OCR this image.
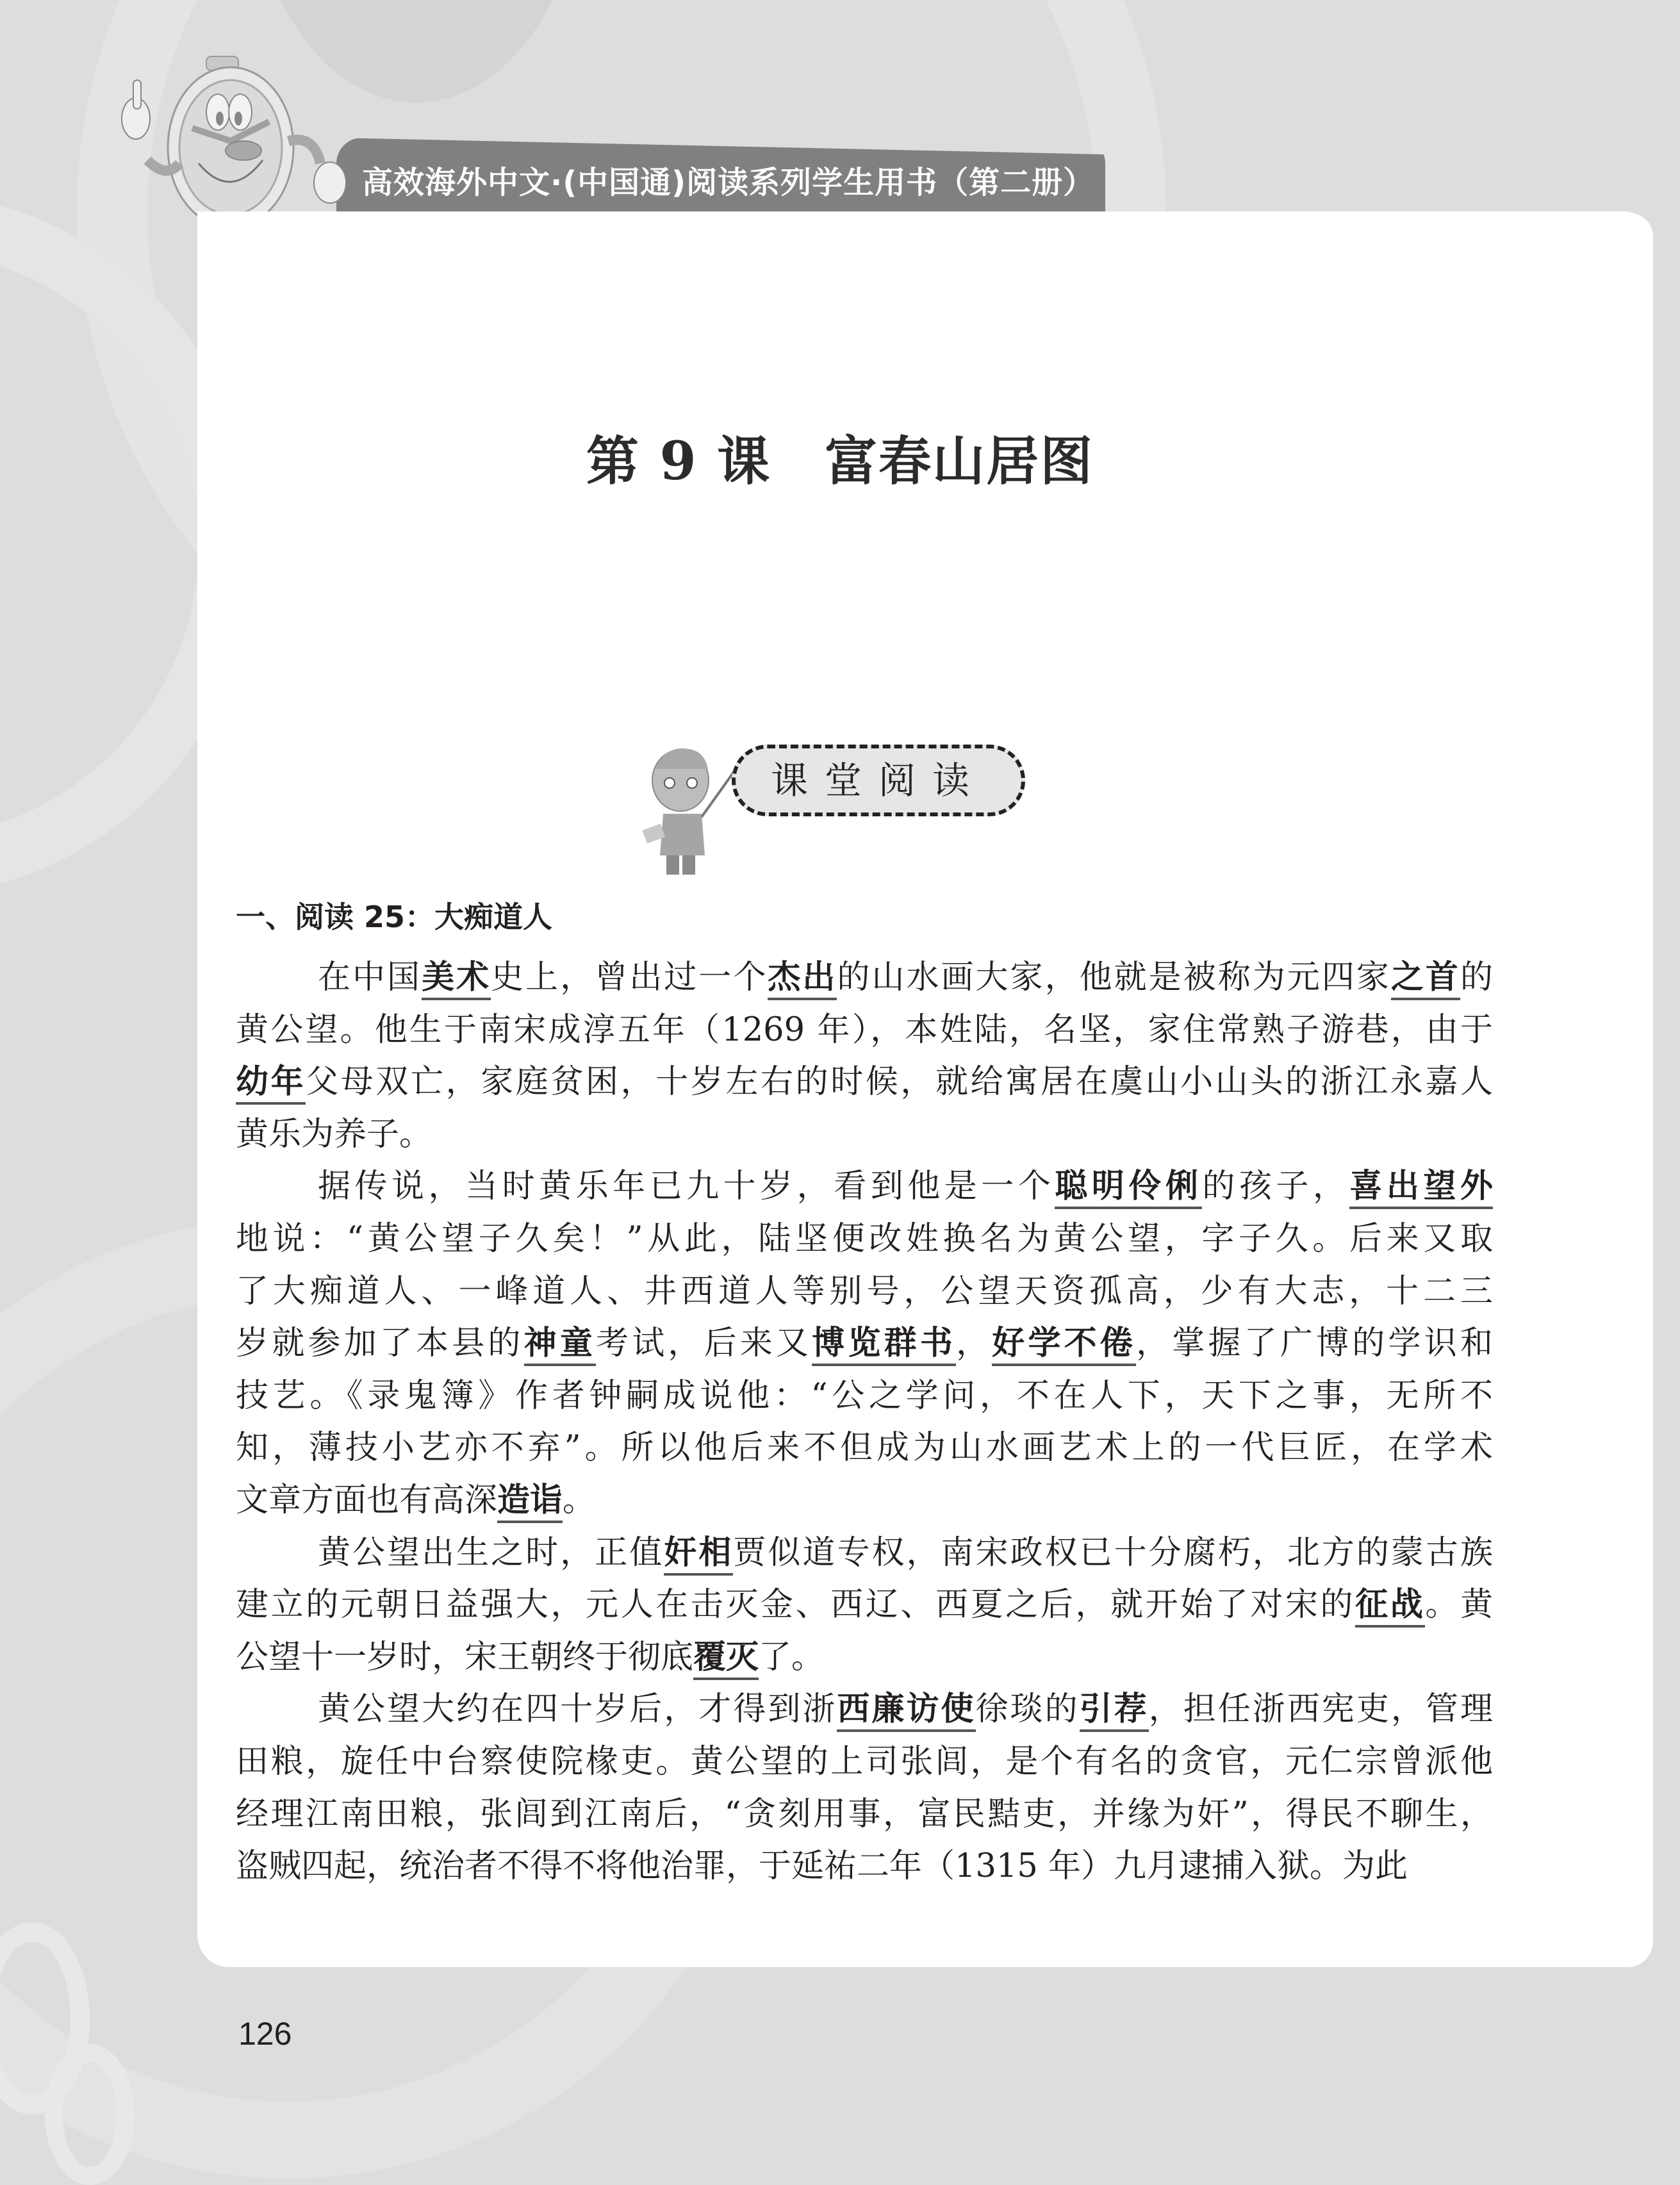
高效海外中文·(中国通)阅读系列学生用书（第二册）
第 9 课　富春山居图
课堂阅读
一、阅读 25：大痴道人
在中国美术史上，曾出过一个杰出的山水画大家，他就是被称为元四家之首的
黄公望。他生于南宋成淳五年（1269 年），本姓陆，名坚，家住常熟子游巷，由于
幼年父母双亡，家庭贫困，十岁左右的时候，就给寓居在虞山小山头的浙江永嘉人
黄乐为养子。
据传说，当时黄乐年已九十岁，看到他是一个聪明伶俐的孩子，喜出望外
地说：“黄公望子久矣！”从此，陆坚便改姓换名为黄公望，字子久。后来又取
了大痴道人、一峰道人、井西道人等别号，公望天资孤高，少有大志，十二三
岁就参加了本县的神童考试，后来又博览群书，好学不倦，掌握了广博的学识和
技艺。《录鬼簿》作者钟嗣成说他：“公之学问，不在人下，天下之事，无所不
知，薄技小艺亦不弃”。所以他后来不但成为山水画艺术上的一代巨匠，在学术
文章方面也有高深造诣。
黄公望出生之时，正值奸相贾似道专权，南宋政权已十分腐朽，北方的蒙古族
建立的元朝日益强大，元人在击灭金、西辽、西夏之后，就开始了对宋的征战。黄
公望十一岁时，宋王朝终于彻底覆灭了。
黄公望大约在四十岁后，才得到浙西廉访使徐琰的引荐，担任浙西宪吏，管理
田粮，旋任中台察使院椽吏。黄公望的上司张闾，是个有名的贪官，元仁宗曾派他
经理江南田粮，张闾到江南后，“贪刻用事，富民黠吏，并缘为奸”，得民不聊生，
盗贼四起，统治者不得不将他治罪，于延祐二年（1315 年）九月逮捕入狱。为此
126
